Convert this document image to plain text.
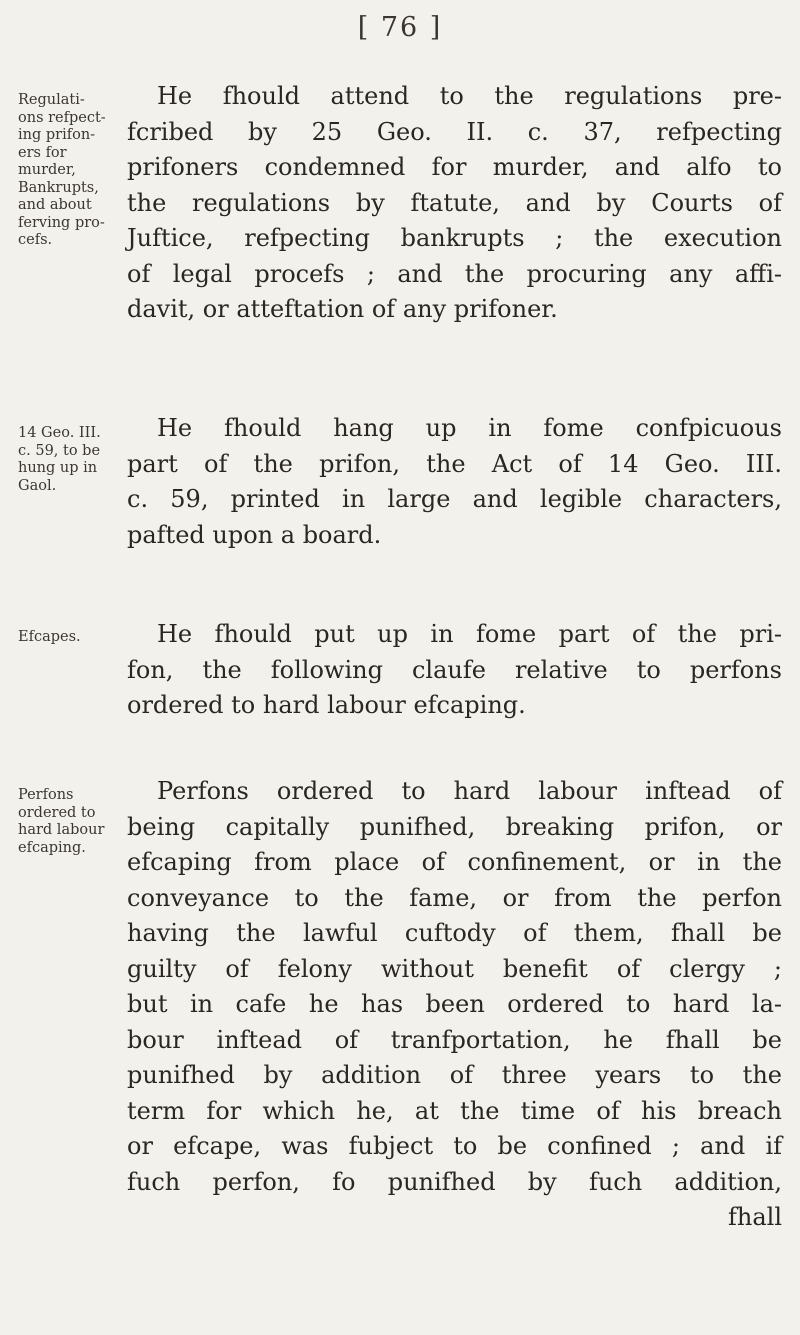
[ 76 ]
Regulati-
ons refpect-
ing prifon-
ers for
murder,
Bankrupts,
and about
ferving pro-
cefs.
He fhould attend to the regulations pre-
fcribed by 25 Geo. II. c. 37, refpecting
prifoners condemned for murder, and alfo to
the regulations by ftatute, and by Courts of
Juftice, refpecting bankrupts ; the execution
of legal procefs ; and the procuring any affi-
davit, or atteftation of any prifoner.
14 Geo. III.
c. 59, to be
hung up in
Gaol.
He fhould hang up in fome confpicuous
part of the prifon, the Act of 14 Geo. III.
c. 59, printed in large and legible characters,
pafted upon a board.
Efcapes.	He fhould put up in fome part of the pri-
fon, the following claufe relative to perfons
ordered to hard labour efcaping.
Perfons
ordered to
hard labour
efcaping.
Perfons ordered to hard labour inftead of
being capitally punifhed, breaking prifon, or
efcaping from place of confinement, or in the
conveyance to the fame, or from the perfon
having the lawful cuftody of them, fhall be
guilty of felony without benefit of clergy ;
but in cafe he has been ordered to hard la-
bour inftead of tranfportation, he fhall be
punifhed by addition of three years to the
term for which he, at the time of his breach
or efcape, was fubject to be confined ; and if
fuch perfon, fo punifhed by fuch addition,
fhall
